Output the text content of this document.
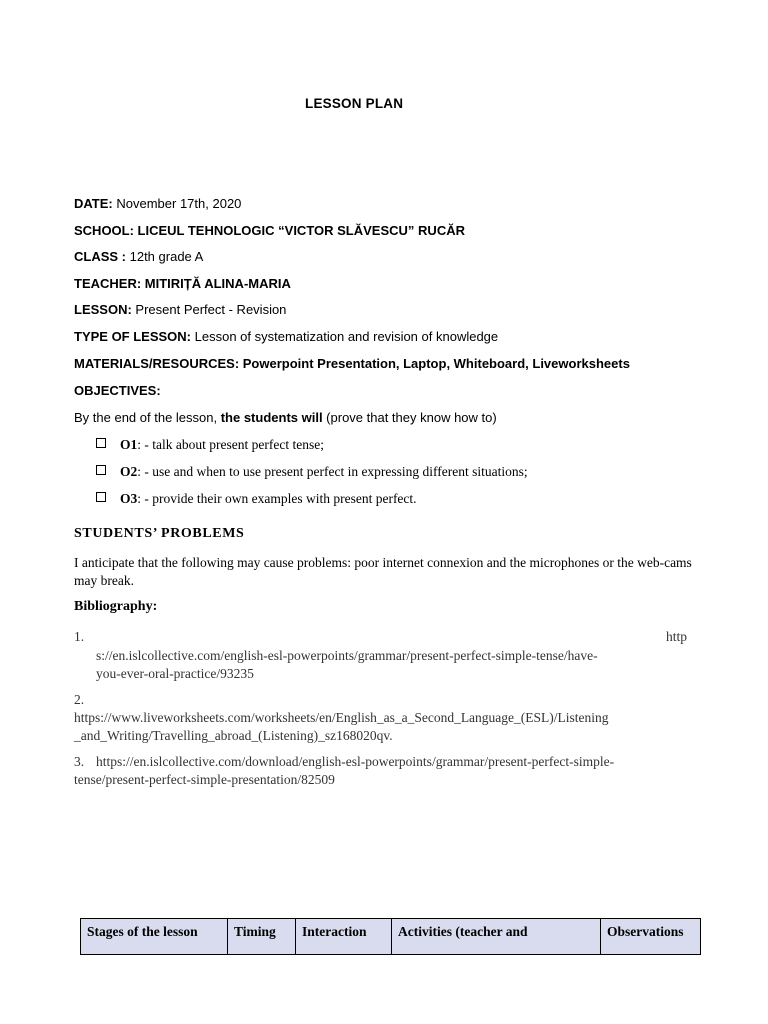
LESSON PLAN
DATE: November 17th, 2020
SCHOOL: LICEUL TEHNOLOGIC “VICTOR SLĂVESCU” RUCĂR
CLASS : 12th grade A
TEACHER: MITIRIȚĂ ALINA-MARIA
LESSON: Present Perfect - Revision
TYPE OF LESSON: Lesson of systematization and revision of knowledge
MATERIALS/RESOURCES: Powerpoint Presentation, Laptop, Whiteboard, Liveworksheets
OBJECTIVES:
By the end of the lesson, the students will (prove that they know how to)
O1: - talk about present perfect tense;
O2: - use and when to use present perfect in expressing different situations;
O3: - provide their own examples with present perfect.
STUDENTS’ PROBLEMS
I anticipate that the following may cause problems: poor internet connexion and the microphones or the web-cams may break.
Bibliography:
1.	http
s://en.islcollective.com/english-esl-powerpoints/grammar/present-perfect-simple-tense/have-
you-ever-oral-practice/93235
2.
https://www.liveworksheets.com/worksheets/en/English_as_a_Second_Language_(ESL)/Listening
_and_Writing/Travelling_abroad_(Listening)_sz168020qv.
3. https://en.islcollective.com/download/english-esl-powerpoints/grammar/present-perfect-simple-
tense/present-perfect-simple-presentation/82509
Stages of the lesson	Timing	Interaction	Activities (teacher and	Observations
